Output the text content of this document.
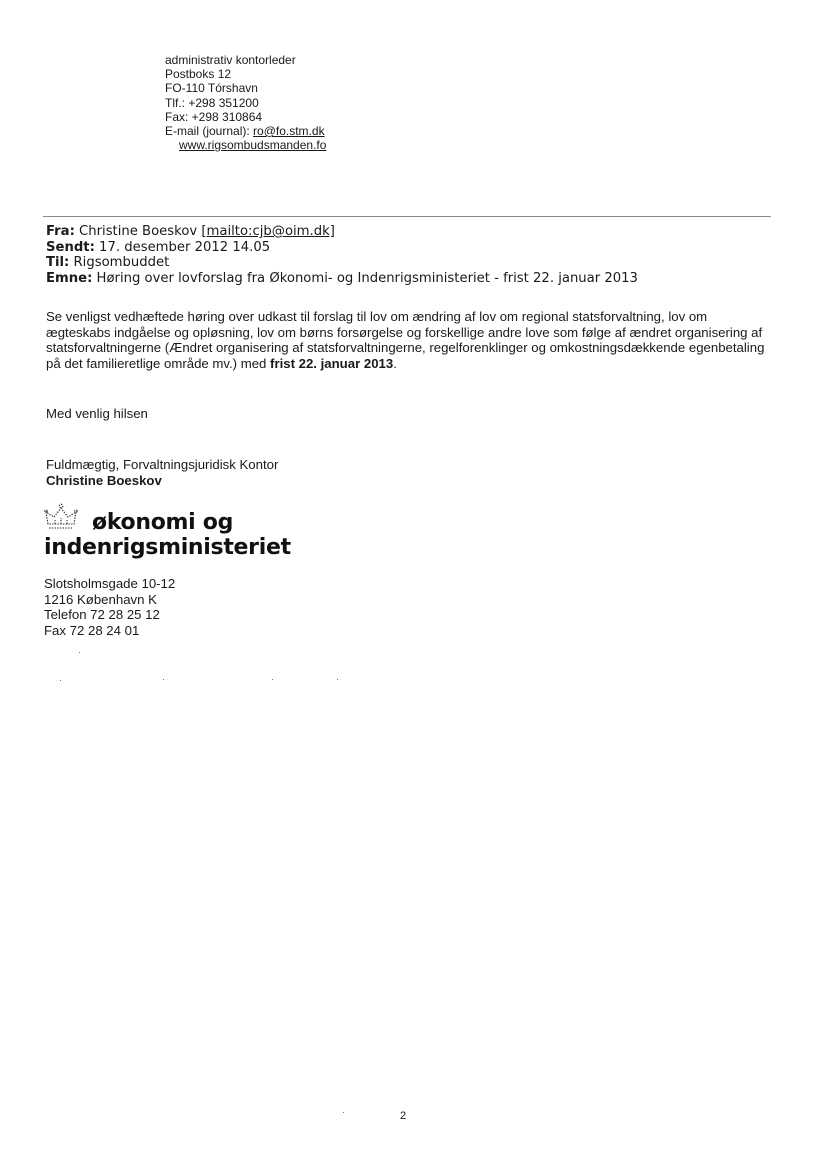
administrativ kontorleder
Postboks 12
FO-110 Tórshavn
Tlf.: +298 351200
Fax: +298 310864
E-mail (journal): ro@fo.stm.dk
www.rigsombudsmanden.fo
Fra: Christine Boeskov [mailto:cjb@oim.dk]
Sendt: 17. desember 2012 14.05
Til: Rigsombuddet
Emne: Høring over lovforslag fra Økonomi- og Indenrigsministeriet - frist 22. januar 2013
Se venligst vedhæftede høring over udkast til forslag til lov om ændring af lov om regional statsforvaltning, lov om ægteskabs indgåelse og opløsning, lov om børns forsørgelse og forskellige andre love som følge af ændret organisering af statsforvaltningerne (Ændret organisering af statsforvaltningerne, regelforenklinger og omkostningsdækkende egenbetaling på det familieretlige område mv.) med frist 22. januar 2013.
Med venlig hilsen
Fuldmægtig, Forvaltningsjuridisk Kontor
Christine Boeskov
økonomi og
indenrigsministeriet
Slotsholmsgade 10-12
1216 København K
Telefon 72 28 25 12
Fax 72 28 24 01
2
